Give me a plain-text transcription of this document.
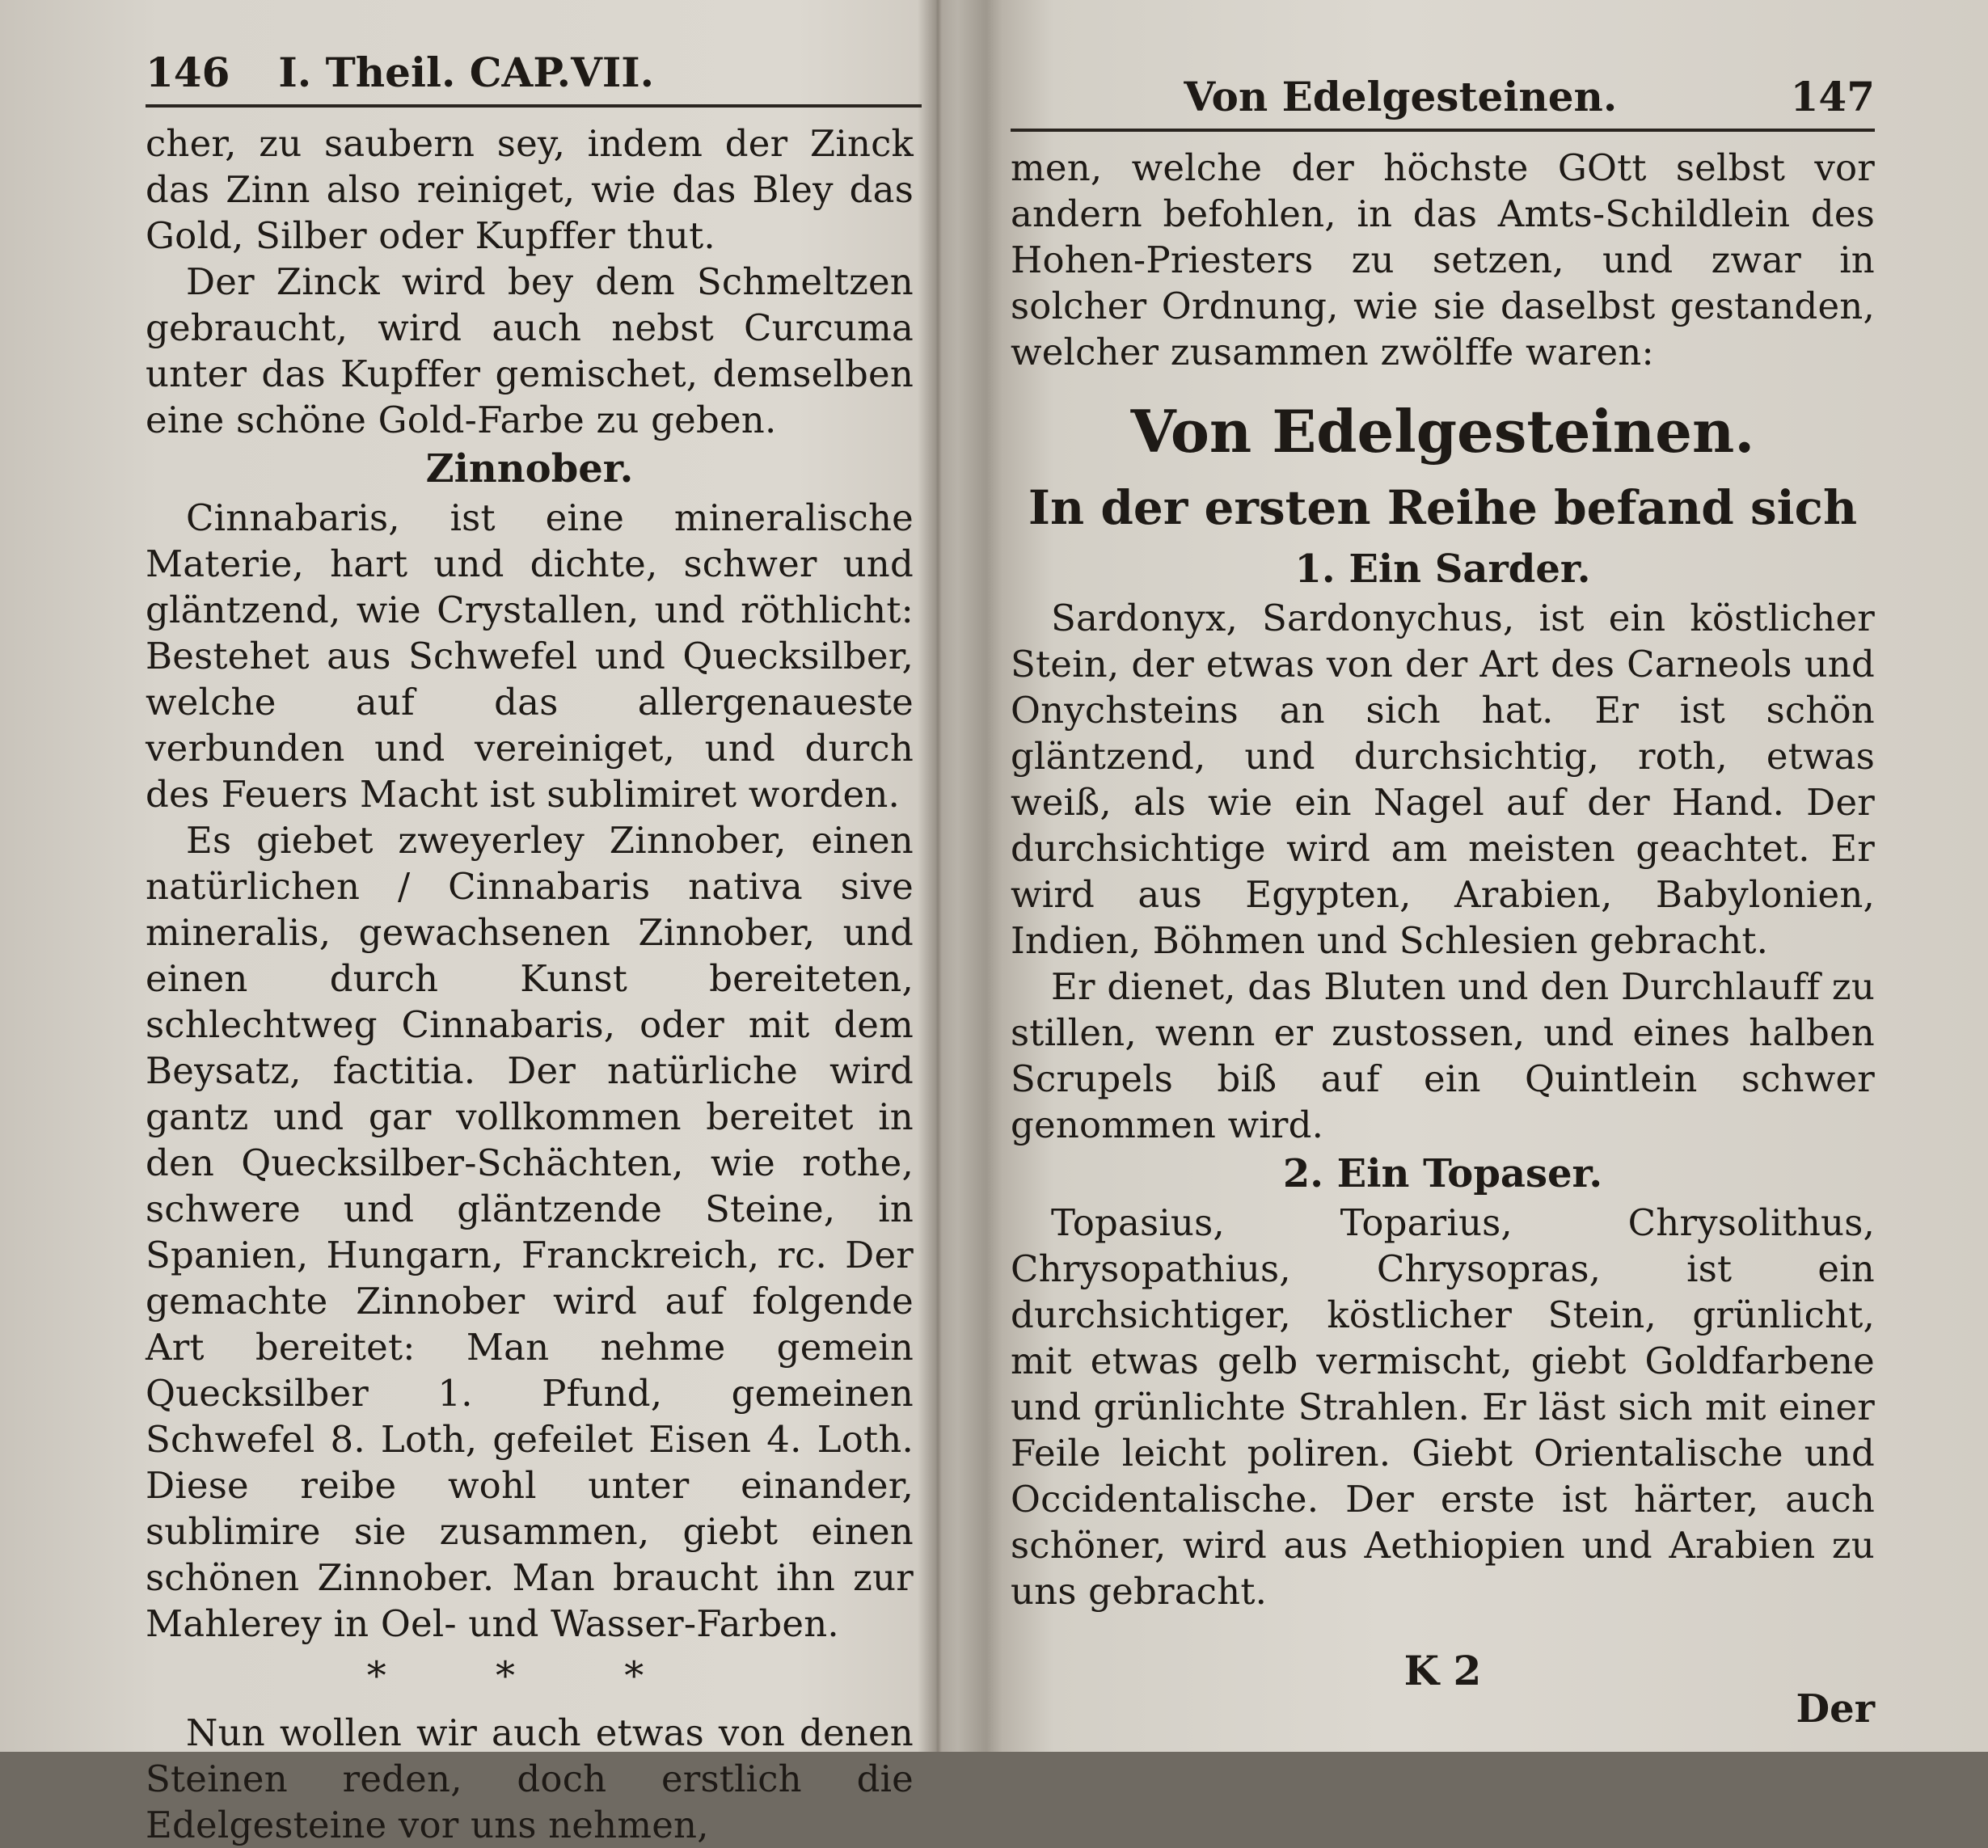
146 I. Theil. CAP.VII.

cher, zu saubern sey, indem der Zinck das Zinn also reiniget, wie das Bley das Gold, Silber oder Kupffer thut.

Der Zinck wird bey dem Schmeltzen gebraucht, wird auch nebst Curcuma unter das Kupffer gemischet, demselben eine schöne Gold-Farbe zu geben.

Zinnober.

Cinnabaris, ist eine mineralische Materie, hart und dichte, schwer und gläntzend, wie Crystallen, und röthlicht: Bestehet aus Schwefel und Quecksilber, welche auf das allergenaueste verbunden und vereiniget, und durch des Feuers Macht ist sublimiret worden.

Es giebet zweyerley Zinnober, einen natürlichen / Cinnabaris nativa sive mineralis, gewachsenen Zinnober, und einen durch Kunst bereiteten, schlechtweg Cinnabaris, oder mit dem Beysatz, factitia. Der natürliche wird gantz und gar vollkommen bereitet in den Quecksilber-Schächten, wie rothe, schwere und gläntzende Steine, in Spanien, Hungarn, Franckreich, rc. Der gemachte Zinnober wird auf folgende Art bereitet: Man nehme gemein Quecksilber 1. Pfund, gemeinen Schwefel 8. Loth, gefeilet Eisen 4. Loth. Diese reibe wohl unter einander, sublimire sie zusammen, giebt einen schönen Zinnober. Man braucht ihn zur Mahlerey in Oel- und Wasser-Farben.

* * *

Nun wollen wir auch etwas von denen Steinen reden, doch erstlich die Edelgesteine vor uns nehmen,

Von Edelgesteinen.	147

men, welche der höchste GOtt selbst vor andern befohlen, in das Amts-Schildlein des Hohen-Priesters zu setzen, und zwar in solcher Ordnung, wie sie daselbst gestanden, welcher zusammen zwölffe waren:

Von Edelgesteinen.
In der ersten Reihe befand sich
1. Ein Sarder.

Sardonyx, Sardonychus, ist ein köstlicher Stein, der etwas von der Art des Carneols und Onychsteins an sich hat. Er ist schön gläntzend, und durchsichtig, roth, etwas weiß, als wie ein Nagel auf der Hand. Der durchsichtige wird am meisten geachtet. Er wird aus Egypten, Arabien, Babylonien, Indien, Böhmen und Schlesien gebracht.

Er dienet, das Bluten und den Durchlauff zu stillen, wenn er zustossen, und eines halben Scrupels biß auf ein Quintlein schwer genommen wird.

2. Ein Topaser.

Topasius, Toparius, Chrysolithus, Chrysopathius, Chrysopras, ist ein durchsichtiger, köstlicher Stein, grünlicht, mit etwas gelb vermischt, giebt Goldfarbene und grünlichte Strahlen. Er läst sich mit einer Feile leicht poliren. Giebt Orientalische und Occidentalische. Der erste ist härter, auch schöner, wird aus Aethiopien und Arabien zu uns gebracht.

K 2
Der
